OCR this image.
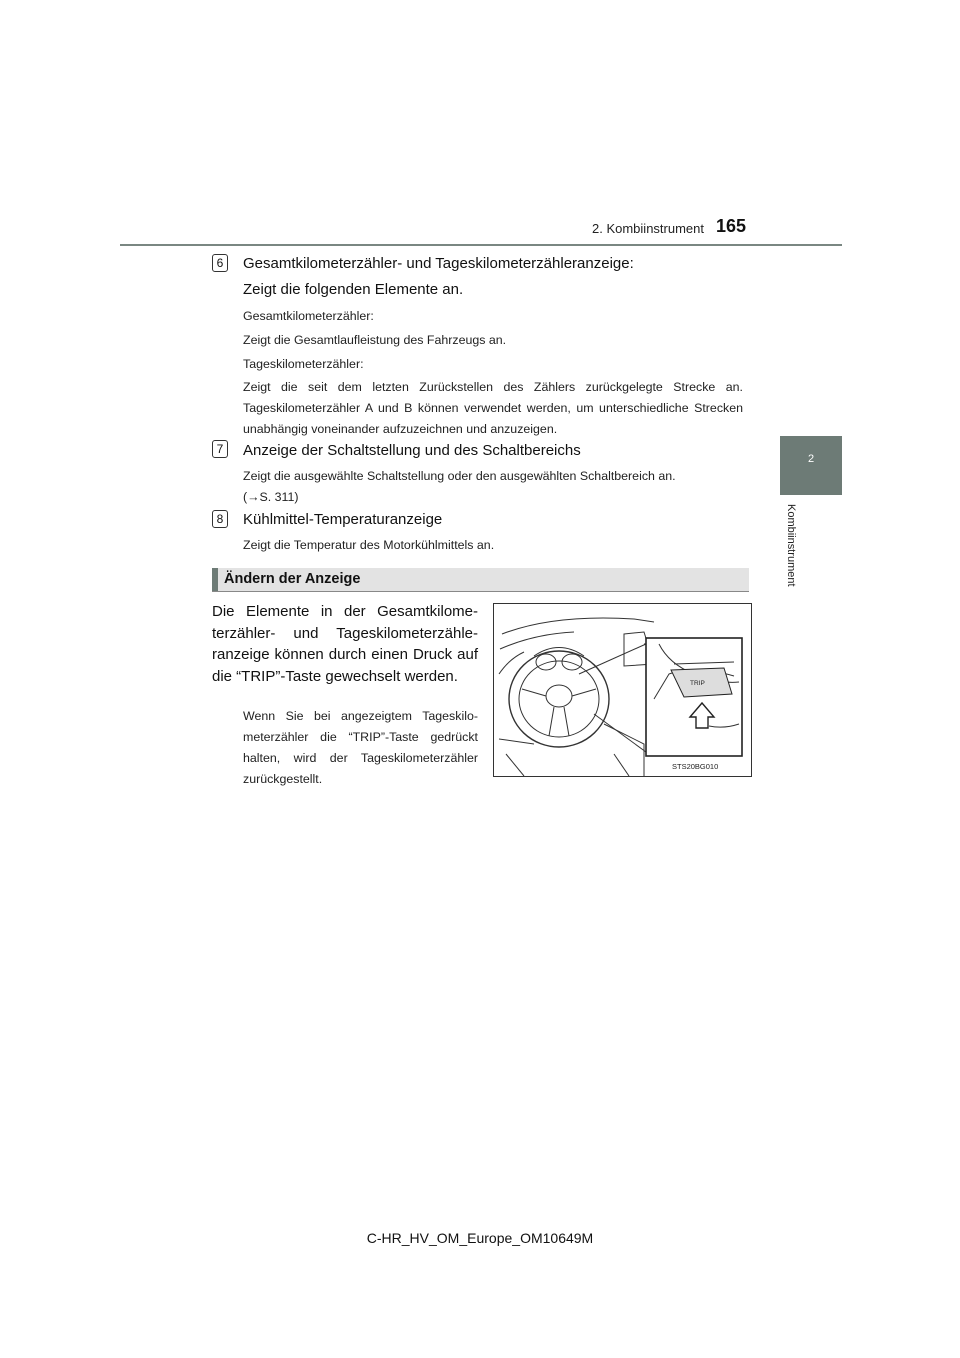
2. Kombiinstrument 165
2
Kombiinstrument
6	Gesamtkilometerzähler- und Tageskilometerzähleranzeige:
Zeigt die folgenden Elemente an.
Gesamtkilometerzähler:
Zeigt die Gesamtlaufleistung des Fahrzeugs an.
Tageskilometerzähler:
Zeigt die seit dem letzten Zurückstellen des Zählers zurückgelegte Strecke an. Tageskilometerzähler A und B können verwendet werden, um unterschiedliche Strecken unabhängig voneinander aufzuzeichnen und anzuzeigen.
7	Anzeige der Schaltstellung und des Schaltbereichs
Zeigt die ausgewählte Schaltstellung oder den ausgewählten Schaltbereich an.
(→S. 311)
8	Kühlmittel-Temperaturanzeige
Zeigt die Temperatur des Motorkühlmittels an.
Ändern der Anzeige
Die Elemente in der Gesamtkilometerzähler- und Tageskilometerzähleranzeige können durch einen Druck auf die “TRIP”-Taste gewechselt werden.
Wenn Sie bei angezeigtem Tageskilometerzähler die “TRIP”-Taste gedrückt halten, wird der Tageskilometerzähler zurückgestellt.
TRIP
STS20BG010
C-HR_HV_OM_Europe_OM10649M
